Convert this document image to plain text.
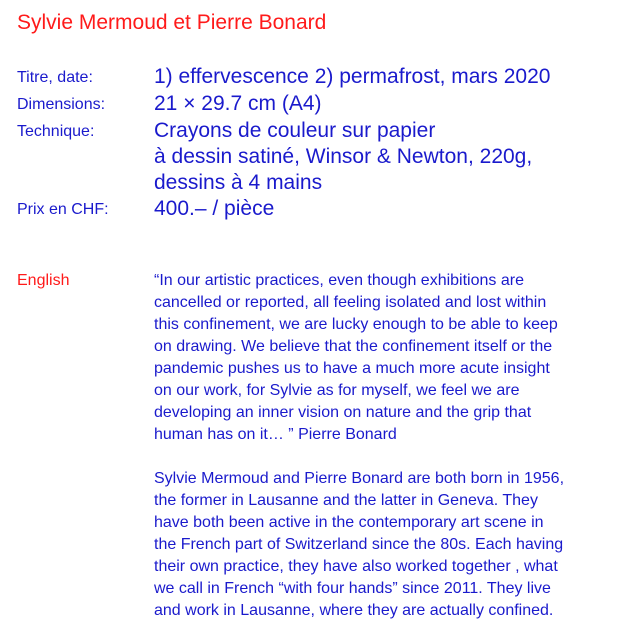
Sylvie Mermoud et Pierre Bonard
Titre, date:	1) effervescence 2) permafrost, mars 2020
Dimensions:	21 × 29.7 cm (A4)
Technique:	Crayons de couleur sur papier
à dessin satiné, Winsor & Newton, 220g,
dessins à 4 mains
Prix en CHF:	400.– / pièce
English	“In our artistic practices, even though exhibitions are
cancelled or reported, all feeling isolated and lost within
this confinement, we are lucky enough to be able to keep
on drawing. We believe that the confinement itself or the
pandemic pushes us to have a much more acute insight
on our work, for Sylvie as for myself, we feel we are
developing an inner vision on nature and the grip that
human has on it… ” Pierre Bonard
Sylvie Mermoud and Pierre Bonard are both born in 1956,
the former in Lausanne and the latter in Geneva. They
have both been active in the contemporary art scene in
the French part of Switzerland since the 80s. Each having
their own practice, they have also worked together , what
we call in French “with four hands” since 2011. They live
and work in Lausanne, where they are actually confined.
